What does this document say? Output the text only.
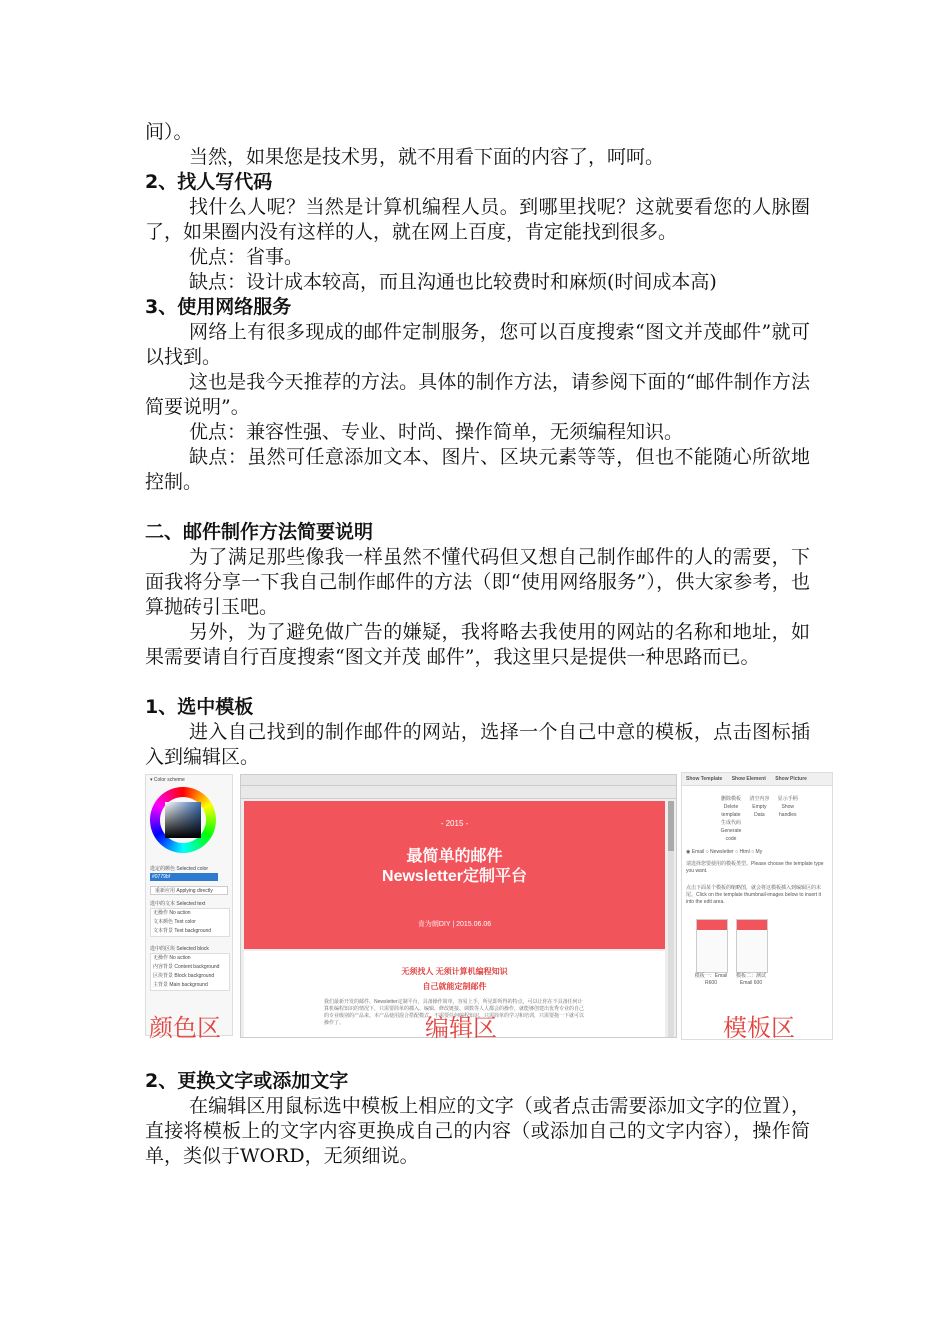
间）。

当然，如果您是技术男，就不用看下面的内容了，呵呵。

2、找人写代码

找什么人呢？当然是计算机编程人员。到哪里找呢？这就要看您的人脉圈了，如果圈内没有这样的人，就在网上百度，肯定能找到很多。

优点：省事。

缺点：设计成本较高，而且沟通也比较费时和麻烦(时间成本高)

3、使用网络服务

网络上有很多现成的邮件定制服务，您可以百度搜索“图文并茂邮件”就可以找到。

这也是我今天推荐的方法。具体的制作方法，请参阅下面的“邮件制作方法简要说明”。

优点：兼容性强、专业、时尚、操作简单，无须编程知识。

缺点：虽然可任意添加文本、图片、区块元素等等，但也不能随心所欲地控制。

二、邮件制作方法简要说明

为了满足那些像我一样虽然不懂代码但又想自己制作邮件的人的需要，下面我将分享一下我自己制作邮件的方法（即“使用网络服务”），供大家参考，也算抛砖引玉吧。

另外，为了避免做广告的嫌疑，我将略去我使用的网站的名称和地址，如果需要请自行百度搜索“图文并茂 邮件”，我这里只是提供一种思路而已。

1、选中模板

进入自己找到的制作邮件的网站，选择一个自己中意的模板，点击图标插入到编辑区。

▾ Color scheme
选定的颜色 Selected color
#0779bf
重新应用 Applying directly
选中的文本 Selected text
无操作 No action
文本颜色 Text color
文本背景 Text background
选中的区块 Selected block
无操作 No action
内容背景 Content background
区块背景 Block background
主背景 Main background
- 2015 -
最简单的邮件
Newsletter定制平台
肯为朗DIY | 2015.06.06
无须找人 无须计算机编程知识
自己就能定制邮件
我们最新开发的邮件、Newsletter定制平台，具备操作简单，容易上手，所见即所得的特点，可以让你在不具备任何计算机编程知识的情况下，只需要简单的插入、编辑、修改链接、调数等人人都会的操作，就能够创建出优秀专业的自己的专业级别的产品来。本产品使用混合搭配模式，不需要任何编程知识，只需简单的学习和培训，只需要拖一下就可以操作了。
Show Template Show Element Show Picture
删除模板
Delete
template

清空内容
Empty
Data

显示手柄
Show
handles

生成代码
Generate
code
◉ Email ○ Newsletter ○ Html ○ My
请选择您要使用的模板类型。Please choose the template type you want.
点击下面某个模板的缩略图，就会将这模板插入到编辑区的末尾。Click on the template thumbnail-images below to insert it into the edit area.
模板一：Email
R600
模板二：测试
Email 600
颜色区	编辑区	模板区

2、更换文字或添加文字

在编辑区用鼠标选中模板上相应的文字（或者点击需要添加文字的位置），直接将模板上的文字内容更换成自己的内容（或添加自己的文字内容），操作简单，类似于WORD，无须细说。
